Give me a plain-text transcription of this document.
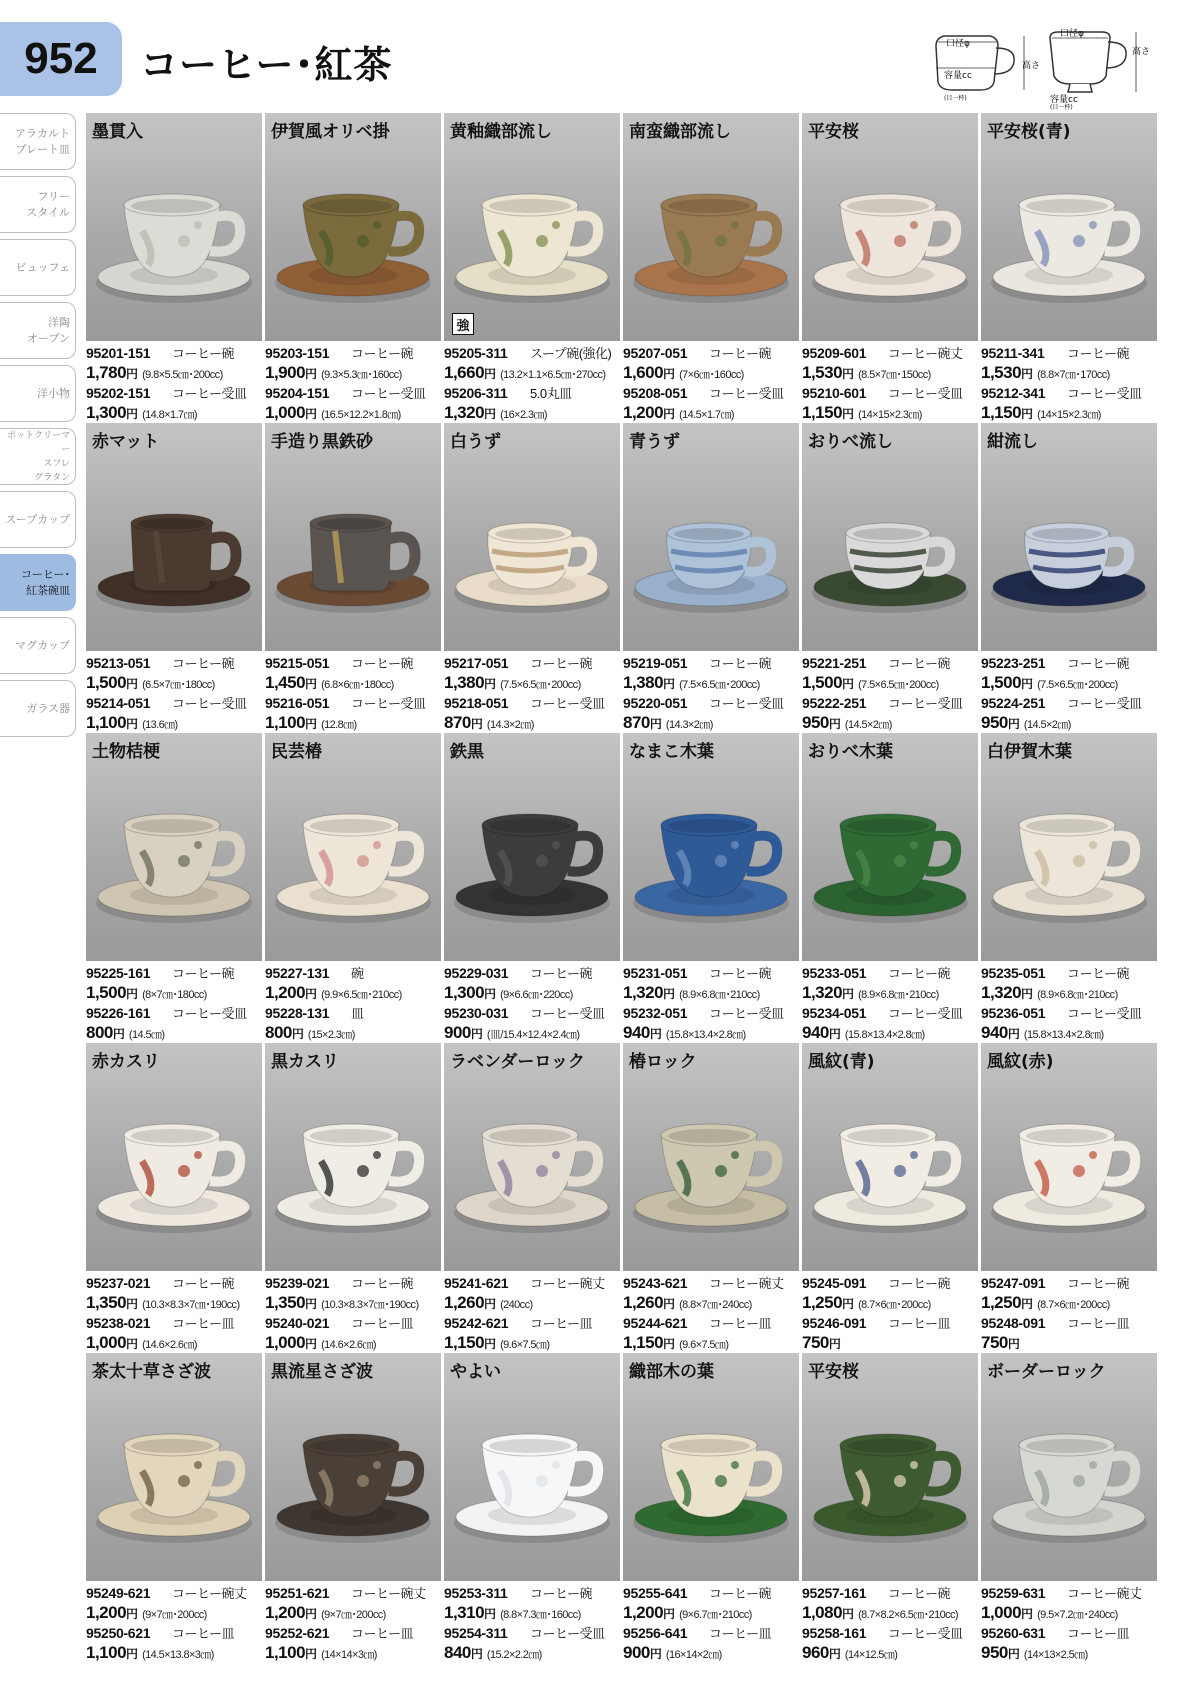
952	コーヒー･紅茶	口径φ
容量cc
(目一杯)
高さ
口径φ
容量cc
(目一杯)
高さ
アラカルト
プレート皿
フリー
スタイル
ビュッフェ
洋陶
オーブン
洋小物
ポットクリーマー
スフレ
グラタン
スープカップ
コーヒー･
紅茶碗皿
マグカップ
ガラス器
墨貫入
95201-151	コーヒー碗
1,780 円 (9.8×5.5㎝･200cc)
95202-151	コーヒー受皿
1,300 円 (14.8×1.7㎝)
伊賀風オリベ掛
95203-151	コーヒー碗
1,900 円 (9.3×5.3㎝･160cc)
95204-151	コーヒー受皿
1,000 円 (16.5×12.2×1.8㎝)
黄釉織部流し
強
95205-311	スープ碗(強化)
1,660 円 (13.2×1.1×6.5㎝･270cc)
95206-311	5.0丸皿
1,320 円 (16×2.3㎝)
南蛮織部流し
95207-051	コーヒー碗
1,600 円 (7×6㎝･160cc)
95208-051	コーヒー受皿
1,200 円 (14.5×1.7㎝)
平安桜
95209-601	コーヒー碗丈
1,530 円 (8.5×7㎝･150cc)
95210-601	コーヒー受皿
1,150 円 (14×15×2.3㎝)
平安桜(青)
95211-341	コーヒー碗
1,530 円 (8.8×7㎝･170cc)
95212-341	コーヒー受皿
1,150 円 (14×15×2.3㎝)
赤マット
95213-051	コーヒー碗
1,500 円 (6.5×7㎝･180cc)
95214-051	コーヒー受皿
1,100 円 (13.6㎝)
手造り黒鉄砂
95215-051	コーヒー碗
1,450 円 (6.8×6㎝･180cc)
95216-051	コーヒー受皿
1,100 円 (12.8㎝)
白うず
95217-051	コーヒー碗
1,380 円 (7.5×6.5㎝･200cc)
95218-051	コーヒー受皿
870 円 (14.3×2㎝)
青うず
95219-051	コーヒー碗
1,380 円 (7.5×6.5㎝･200cc)
95220-051	コーヒー受皿
870 円 (14.3×2㎝)
おりべ流し
95221-251	コーヒー碗
1,500 円 (7.5×6.5㎝･200cc)
95222-251	コーヒー受皿
950 円 (14.5×2㎝)
紺流し
95223-251	コーヒー碗
1,500 円 (7.5×6.5㎝･200cc)
95224-251	コーヒー受皿
950 円 (14.5×2㎝)
土物桔梗
95225-161	コーヒー碗
1,500 円 (8×7㎝･180cc)
95226-161	コーヒー受皿
800 円 (14.5㎝)
民芸椿
95227-131	碗
1,200 円 (9.9×6.5㎝･210cc)
95228-131	皿
800 円 (15×2.3㎝)
鉄黒
95229-031	コーヒー碗
1,300 円 (9×6.6㎝･220cc)
95230-031	コーヒー受皿
900 円 (皿/15.4×12.4×2.4㎝)
なまこ木葉
95231-051	コーヒー碗
1,320 円 (8.9×6.8㎝･210cc)
95232-051	コーヒー受皿
940 円 (15.8×13.4×2.8㎝)
おりべ木葉
95233-051	コーヒー碗
1,320 円 (8.9×6.8㎝･210cc)
95234-051	コーヒー受皿
940 円 (15.8×13.4×2.8㎝)
白伊賀木葉
95235-051	コーヒー碗
1,320 円 (8.9×6.8㎝･210cc)
95236-051	コーヒー受皿
940 円 (15.8×13.4×2.8㎝)
赤カスリ
95237-021	コーヒー碗
1,350 円 (10.3×8.3×7㎝･190cc)
95238-021	コーヒー皿
1,000 円 (14.6×2.6㎝)
黒カスリ
95239-021	コーヒー碗
1,350 円 (10.3×8.3×7㎝･190cc)
95240-021	コーヒー皿
1,000 円 (14.6×2.6㎝)
ラベンダーロック
95241-621	コーヒー碗丈
1,260 円 (240cc)
95242-621	コーヒー皿
1,150 円 (9.6×7.5㎝)
椿ロック
95243-621	コーヒー碗丈
1,260 円 (8.8×7㎝･240cc)
95244-621	コーヒー皿
1,150 円 (9.6×7.5㎝)
風紋(青)
95245-091	コーヒー碗
1,250 円 (8.7×6㎝･200cc)
95246-091	コーヒー皿
750 円
風紋(赤)
95247-091	コーヒー碗
1,250 円 (8.7×6㎝･200cc)
95248-091	コーヒー皿
750 円
茶太十草さざ波
95249-621	コーヒー碗丈
1,200 円 (9×7㎝･200cc)
95250-621	コーヒー皿
1,100 円 (14.5×13.8×3㎝)
黒流星さざ波
95251-621	コーヒー碗丈
1,200 円 (9×7㎝･200cc)
95252-621	コーヒー皿
1,100 円 (14×14×3㎝)
やよい
95253-311	コーヒー碗
1,310 円 (8.8×7.3㎝･160cc)
95254-311	コーヒー受皿
840 円 (15.2×2.2㎝)
織部木の葉
95255-641	コーヒー碗
1,200 円 (9×6.7㎝･210cc)
95256-641	コーヒー皿
900 円 (16×14×2㎝)
平安桜
95257-161	コーヒー碗
1,080 円 (8.7×8.2×6.5㎝･210cc)
95258-161	コーヒー受皿
960 円 (14×12.5㎝)
ボーダーロック
95259-631	コーヒー碗丈
1,000 円 (9.5×7.2㎝･240cc)
95260-631	コーヒー皿
950 円 (14×13×2.5㎝)
